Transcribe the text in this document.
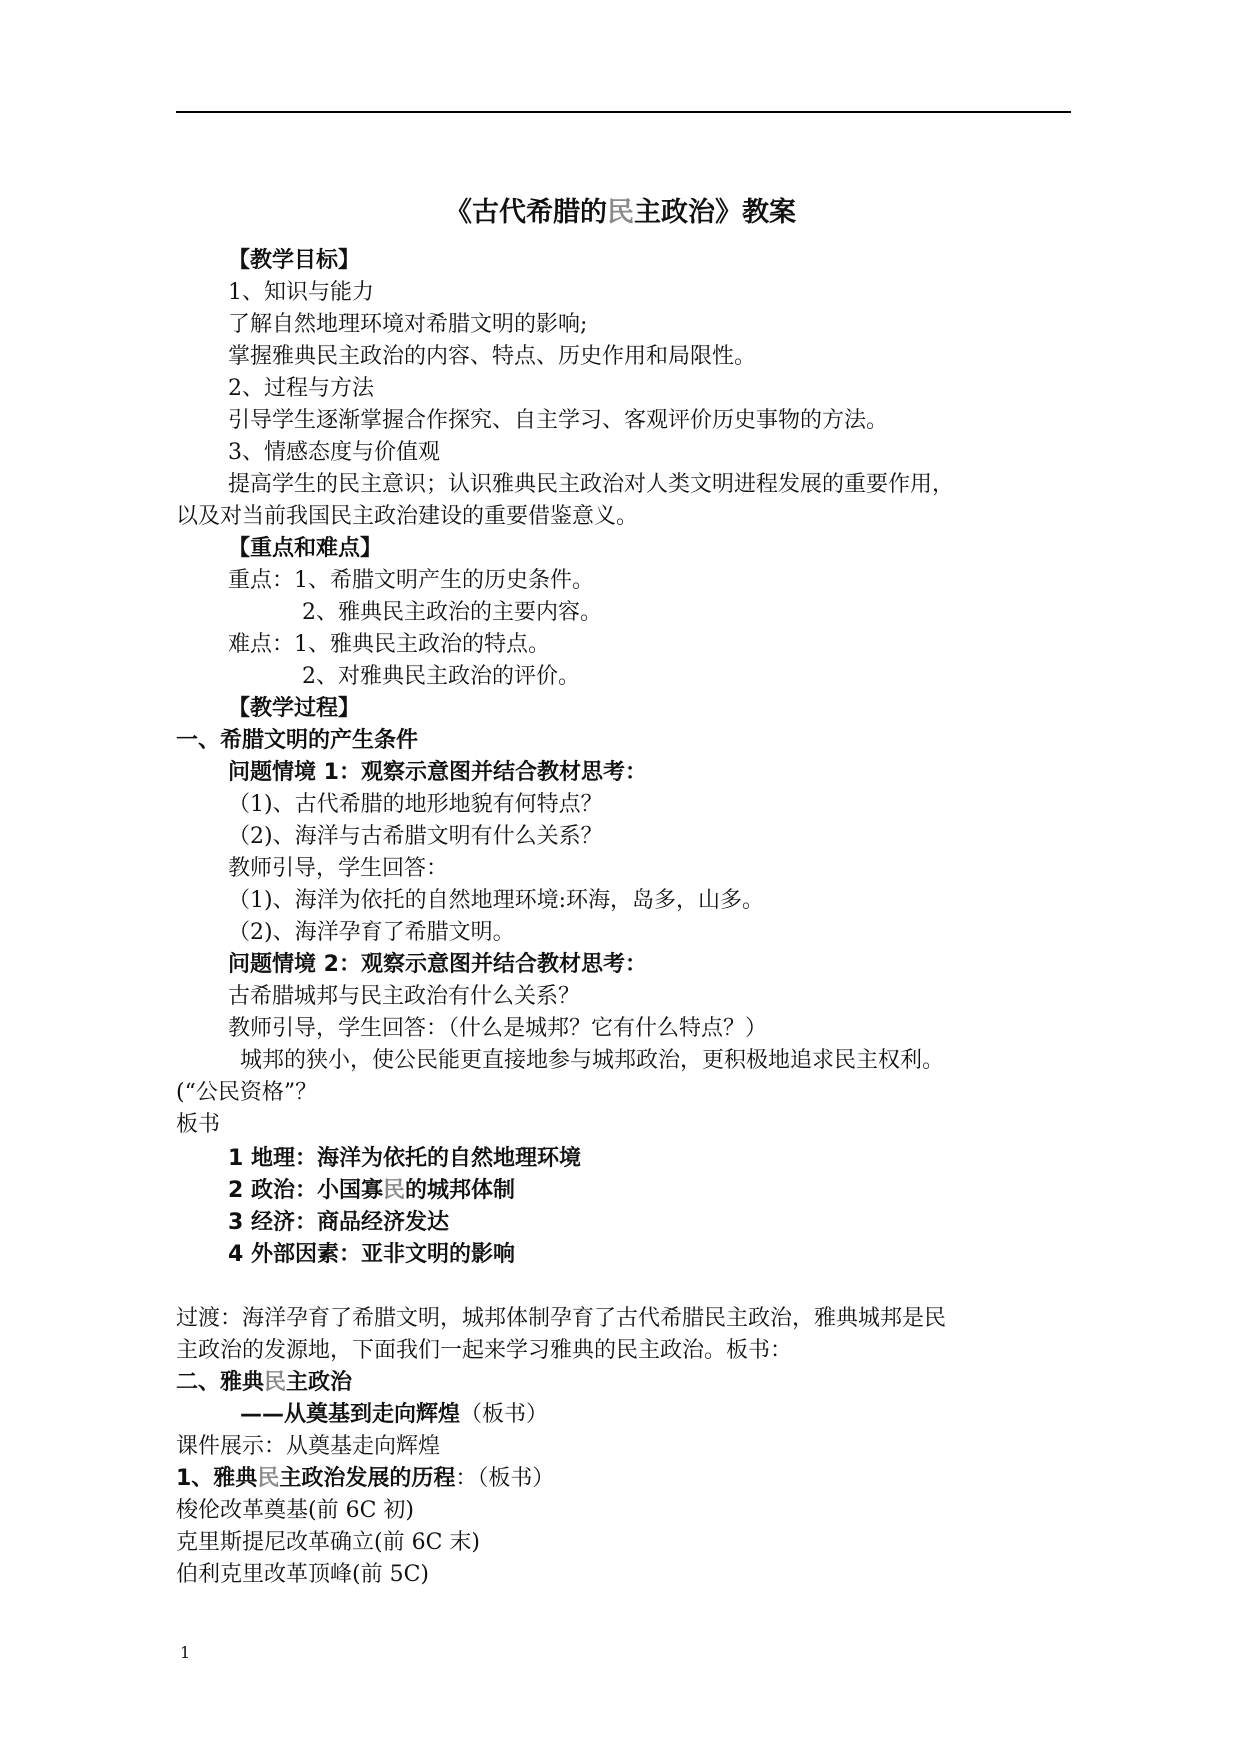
《古代希腊的民主政治》教案
【教学目标】
1、知识与能力
了解自然地理环境对希腊文明的影响;
掌握雅典民主政治的内容、特点、历史作用和局限性。
2、过程与方法
引导学生逐渐掌握合作探究、自主学习、客观评价历史事物的方法。
3、情感态度与价值观
提高学生的民主意识；认识雅典民主政治对人类文明进程发展的重要作用，
以及对当前我国民主政治建设的重要借鉴意义。
【重点和难点】
重点：1、希腊文明产生的历史条件。
2、雅典民主政治的主要内容。
难点：1、雅典民主政治的特点。
2、对雅典民主政治的评价。
【教学过程】
一、希腊文明的产生条件
问题情境 1：观察示意图并结合教材思考：
（1)、古代希腊的地形地貌有何特点？
（2)、海洋与古希腊文明有什么关系？
教师引导，学生回答：
（1)、海洋为依托的自然地理环境:环海，岛多，山多。
（2)、海洋孕育了希腊文明。
问题情境 2：观察示意图并结合教材思考：
古希腊城邦与民主政治有什么关系？
教师引导，学生回答：（什么是城邦？它有什么特点？）
城邦的狭小，使公民能更直接地参与城邦政治，更积极地追求民主权利。
(“公民资格”？
板书
1 地理：海洋为依托的自然地理环境
2 政治：小国寡民的城邦体制
3 经济：商品经济发达
4 外部因素：亚非文明的影响
过渡：海洋孕育了希腊文明，城邦体制孕育了古代希腊民主政治，雅典城邦是民
主政治的发源地，下面我们一起来学习雅典的民主政治。板书：
二、雅典民主政治
——从奠基到走向辉煌（板书）
课件展示：从奠基走向辉煌
1、雅典民主政治发展的历程：（板书）
梭伦改革奠基(前 6C 初)
克里斯提尼改革确立(前 6C 末)
伯利克里改革顶峰(前 5C)
1
